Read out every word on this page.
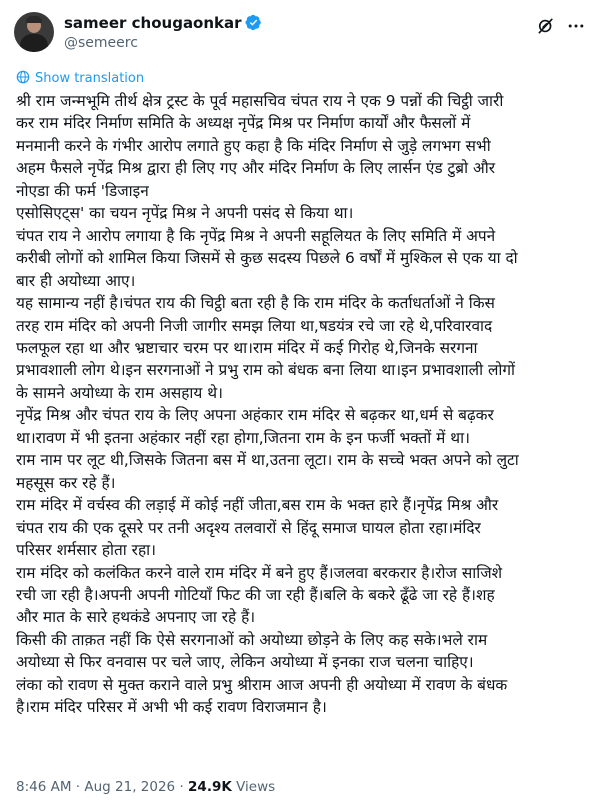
sameer chougaonkar
@semeerc
Show translation
श्री राम जन्मभूमि तीर्थ क्षेत्र ट्रस्ट के पूर्व महासचिव चंपत राय ने एक 9 पन्नों की चिट्ठी जारी
कर राम मंदिर निर्माण समिति के अध्यक्ष नृपेंद्र मिश्र पर निर्माण कार्यों और फैसलों में
मनमानी करने के गंभीर आरोप लगाते हुए कहा है कि मंदिर निर्माण से जुड़े लगभग सभी
अहम फैसले नृपेंद्र मिश्र द्वारा ही लिए गए और मंदिर निर्माण के लिए लार्सन एंड टुब्रो और
नोएडा की फर्म 'डिजाइन
एसोसिएट्स' का चयन नृपेंद्र मिश्र ने अपनी पसंद से किया था।
चंपत राय ने आरोप लगाया है कि नृपेंद्र मिश्र ने अपनी सहूलियत के लिए समिति में अपने
करीबी लोगों को शामिल किया जिसमें से कुछ सदस्य पिछले 6 वर्षों में मुश्किल से एक या दो
बार ही अयोध्या आए।
यह सामान्य नहीं है।चंपत राय की चिट्ठी बता रही है कि राम मंदिर के कर्ताधर्ताओं ने किस
तरह राम मंदिर को अपनी निजी जागीर समझ लिया था,षडयंत्र रचे जा रहे थे,परिवारवाद
फलफूल रहा था और भ्रष्टाचार चरम पर था।राम मंदिर में कई गिरोह थे,जिनके सरगना
प्रभावशाली लोग थे।इन सरगनाओं ने प्रभु राम को बंधक बना लिया था।इन प्रभावशाली लोगों
के सामने अयोध्या के राम असहाय थे।
नृपेंद्र मिश्र और चंपत राय के लिए अपना अहंकार राम मंदिर से बढ़कर था,धर्म से बढ़कर
था।रावण में भी इतना अहंकार नहीं रहा होगा,जितना राम के इन फर्जी भक्तों में था।
राम नाम पर लूट थी,जिसके जितना बस में था,उतना लूटा। राम के सच्चे भक्त अपने को लुटा
महसूस कर रहे हैं।
राम मंदिर में वर्चस्व की लड़ाई में कोई नहीं जीता,बस राम के भक्त हारे हैं।नृपेंद्र मिश्र और
चंपत राय की एक दूसरे पर तनी अदृश्य तलवारों से हिंदू समाज घायल होता रहा।मंदिर
परिसर शर्मसार होता रहा।
राम मंदिर को कलंकित करने वाले राम मंदिर में बने हुए हैं।जलवा बरकरार है।रोज साजिशे
रची जा रही है।अपनी अपनी गोटियाँ फिट की जा रही हैं।बलि के बकरे ढूँढे जा रहे हैं।शह
और मात के सारे हथकंडे अपनाए जा रहे हैं।
किसी की ताक़त नहीं कि ऐसे सरगनाओं को अयोध्या छोड़ने के लिए कह सके।भले राम
अयोध्या से फिर वनवास पर चले जाए, लेकिन अयोध्या में इनका राज चलना चाहिए।
लंका को रावण से मुक्त कराने वाले प्रभु श्रीराम आज अपनी ही अयोध्या में रावण के बंधक
है।राम मंदिर परिसर में अभी भी कई रावण विराजमान है।
8:46 AM · Aug 21, 2026 · 24.9K Views
